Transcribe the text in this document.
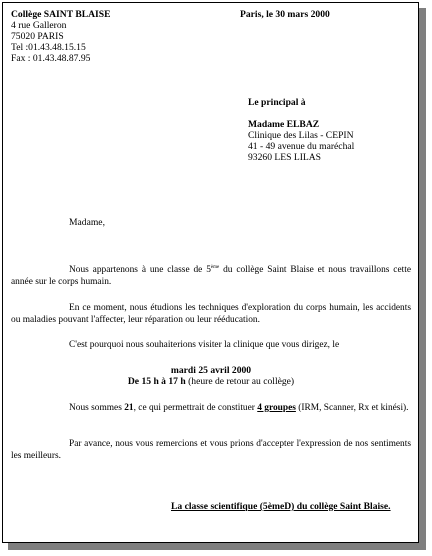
Collège SAINT BLAISE
4 rue Galleron
75020 PARIS
Tel :01.43.48.15.15
Fax : 01.43.48.87.95
Paris, le 30 mars 2000
Le principal à
Madame ELBAZ
Clinique des Lilas - CEPIN
41 - 49 avenue du maréchal
93260 LES LILAS
Madame,
Nous appartenons à une classe de 5ème du collège Saint Blaise et nous travaillons cette année sur le corps humain.
En ce moment, nous étudions les techniques d'exploration du corps humain, les accidents ou maladies pouvant l'affecter, leur réparation ou leur rééducation.
C'est pourquoi nous souhaiterions visiter la clinique que vous dirigez, le
mardi 25 avril 2000
De 15 h à 17 h (heure de retour au collège)
Nous sommes 21, ce qui permettrait de constituer 4 groupes (IRM, Scanner, Rx et kinési).
Par avance, nous vous remercions et vous prions d'accepter l'expression de nos sentiments les meilleurs.
La classe scientifique (5èmeD) du collège Saint Blaise.
